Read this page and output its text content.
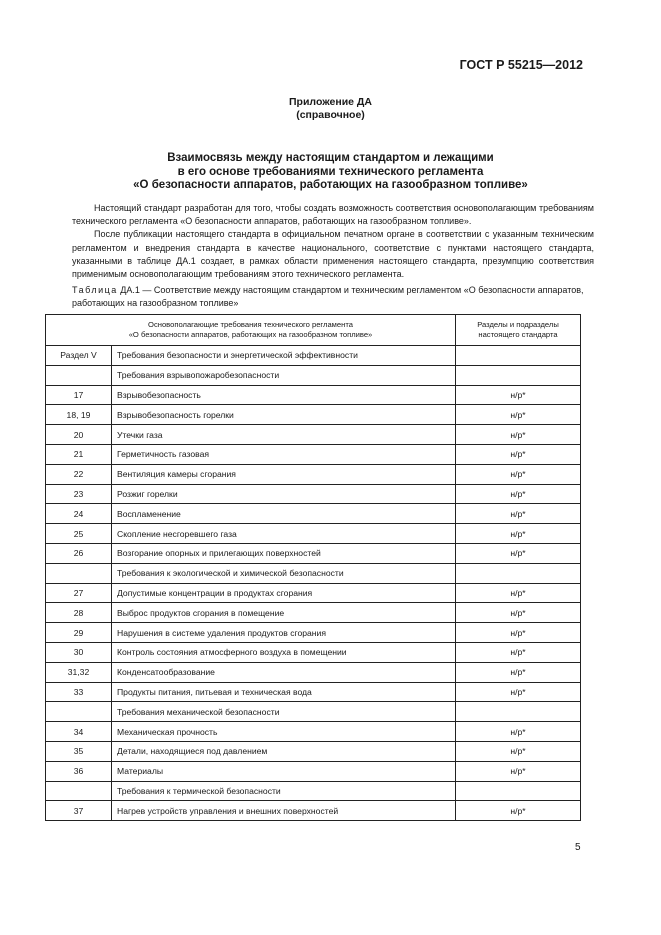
ГОСТ Р 55215—2012
Приложение ДА
(справочное)
Взаимосвязь между настоящим стандартом и лежащими
в его основе требованиями технического регламента
«О безопасности аппаратов, работающих на газообразном топливе»

Настоящий стандарт разработан для того, чтобы создать возможность соответствия основополагающим требованиям технического регламента «О безопасности аппаратов, работающих на газообразном топливе».

После публикации настоящего стандарта в официальном печатном органе в соответствии с указанным техническим регламентом и внедрения стандарта в качестве национального, соответствие с пунктами настоящего стандарта, указанными в таблице ДА.1 создает, в рамках области применения настоящего стандарта, презумпцию соответствия применимым основополагающим требованиям этого технического регламента.

Таблица ДА.1 — Соответствие между настоящим стандартом и техническим регламентом «О безопасности аппаратов, работающих на газообразном топливе»
Основополагающие требования технического регламента
«О безопасности аппаратов, работающих на газообразном топливе»

Разделы и подразделы
настоящего стандарта

Раздел V	Требования безопасности и энергетической эффективности	
	Требования взрывопожаробезопасности	
17	Взрывобезопасность	н/р*
18, 19	Взрывобезопасность горелки	н/р*
20	Утечки газа	н/р*
21	Герметичность газовая	н/р*
22	Вентиляция камеры сгорания	н/р*
23	Розжиг горелки	н/р*
24	Воспламенение	н/р*
25	Скопление несгоревшего газа	н/р*
26	Возгорание опорных и прилегающих поверхностей	н/р*
	Требования к экологической и химической безопасности	
27	Допустимые концентрации в продуктах сгорания	н/р*
28	Выброс продуктов сгорания в помещение	н/р*
29	Нарушения в системе удаления продуктов сгорания	н/р*
30	Контроль состояния атмосферного воздуха в помещении	н/р*
31,32	Конденсатообразование	н/р*
33	Продукты питания, питьевая и техническая вода	н/р*
	Требования механической безопасности	
34	Механическая прочность	н/р*
35	Детали, находящиеся под давлением	н/р*
36	Материалы	н/р*
	Требования к термической безопасности	
37	Нагрев устройств управления и внешних поверхностей	н/р*
5
